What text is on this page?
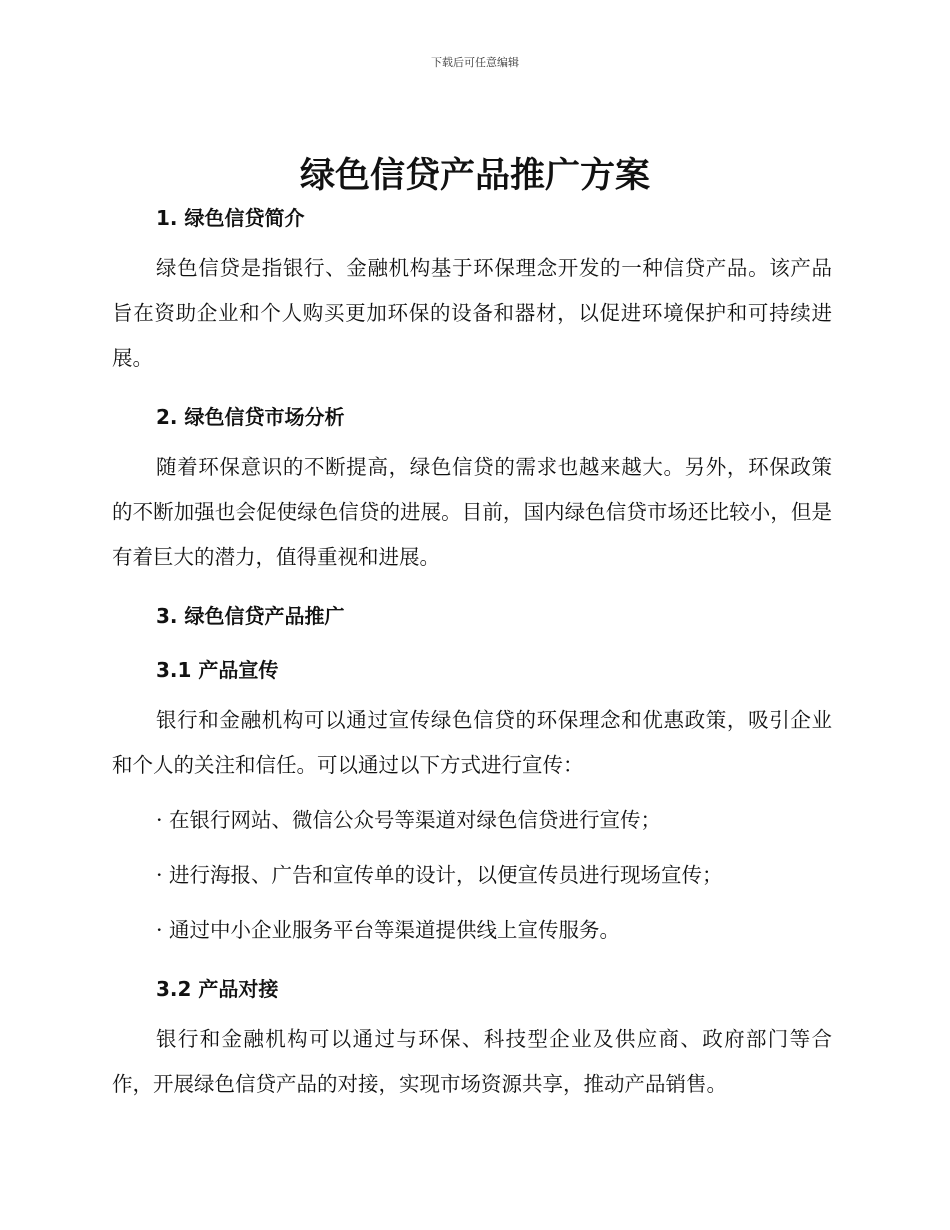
下载后可任意编辑
绿色信贷产品推广方案
1. 绿色信贷简介

绿色信贷是指银行、金融机构基于环保理念开发的一种信贷产品。该产品旨在资助企业和个人购买更加环保的设备和器材，以促进环境保护和可持续进展。

2. 绿色信贷市场分析

随着环保意识的不断提高，绿色信贷的需求也越来越大。另外，环保政策的不断加强也会促使绿色信贷的进展。目前，国内绿色信贷市场还比较小，但是有着巨大的潜力，值得重视和进展。

3. 绿色信贷产品推广
3.1 产品宣传

银行和金融机构可以通过宣传绿色信贷的环保理念和优惠政策，吸引企业和个人的关注和信任。可以通过以下方式进行宣传：

· 在银行网站、微信公众号等渠道对绿色信贷进行宣传；

· 进行海报、广告和宣传单的设计，以便宣传员进行现场宣传；

· 通过中小企业服务平台等渠道提供线上宣传服务。

3.2 产品对接

银行和金融机构可以通过与环保、科技型企业及供应商、政府部门等合作，开展绿色信贷产品的对接，实现市场资源共享，推动产品销售。
